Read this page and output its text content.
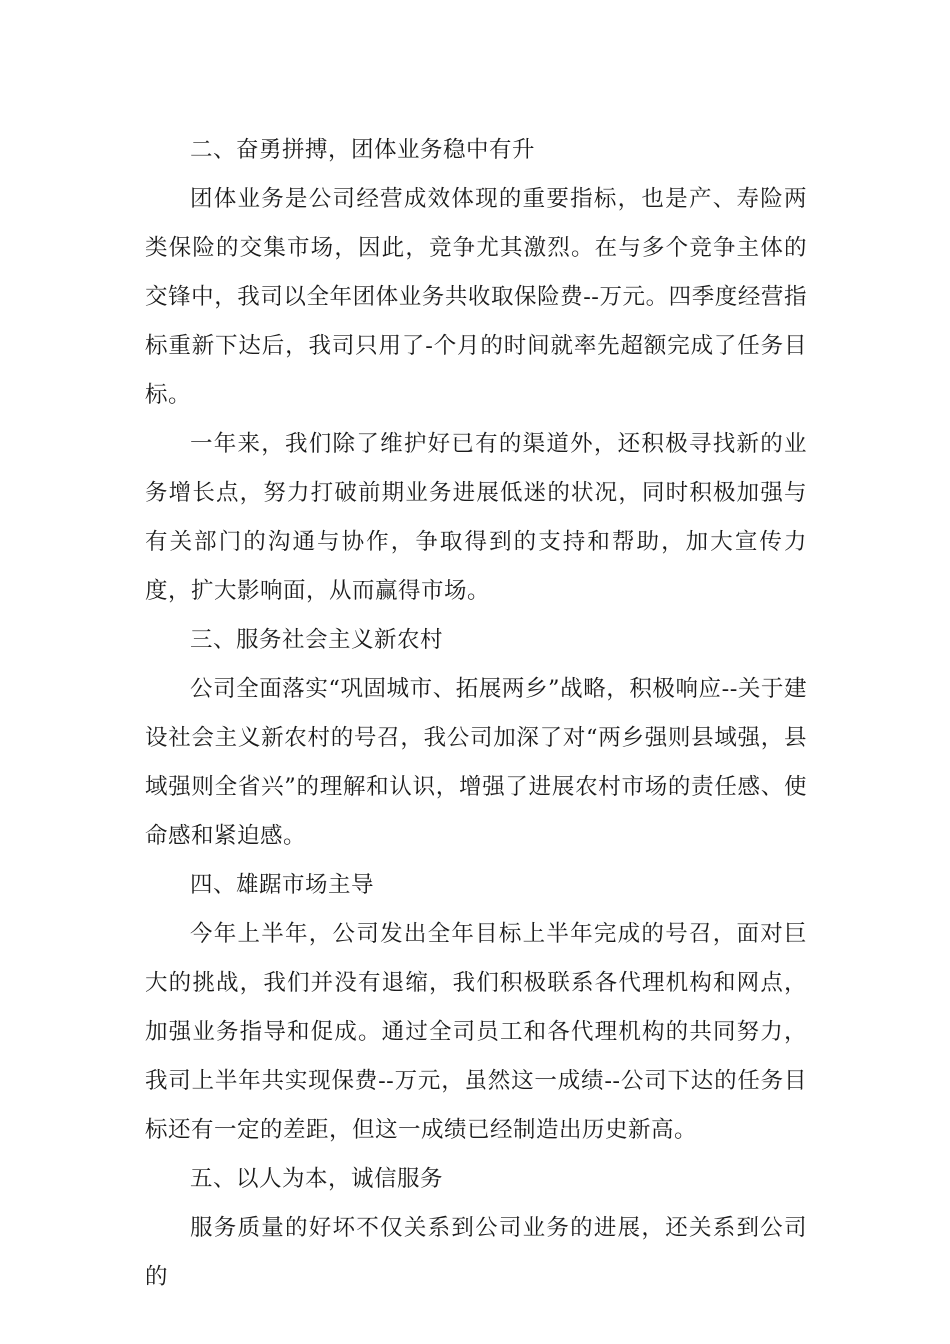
二、奋勇拼搏，团体业务稳中有升

团体业务是公司经营成效体现的重要指标，也是产、寿险两类保险的交集市场，因此，竞争尤其激烈。在与多个竞争主体的交锋中，我司以全年团体业务共收取保险费--万元。四季度经营指标重新下达后，我司只用了-个月的时间就率先超额完成了任务目标。

一年来，我们除了维护好已有的渠道外，还积极寻找新的业务增长点，努力打破前期业务进展低迷的状况，同时积极加强与有关部门的沟通与协作，争取得到的支持和帮助，加大宣传力度，扩大影响面，从而赢得市场。

三、服务社会主义新农村

公司全面落实“巩固城市、拓展两乡”战略，积极响应--关于建设社会主义新农村的号召，我公司加深了对“两乡强则县域强，县域强则全省兴”的理解和认识，增强了进展农村市场的责任感、使命感和紧迫感。

四、雄踞市场主导

今年上半年，公司发出全年目标上半年完成的号召，面对巨大的挑战，我们并没有退缩，我们积极联系各代理机构和网点，加强业务指导和促成。通过全司员工和各代理机构的共同努力，我司上半年共实现保费--万元，虽然这一成绩--公司下达的任务目标还有一定的差距，但这一成绩已经制造出历史新高。

五、以人为本，诚信服务

服务质量的好坏不仅关系到公司业务的进展，还关系到公司的
